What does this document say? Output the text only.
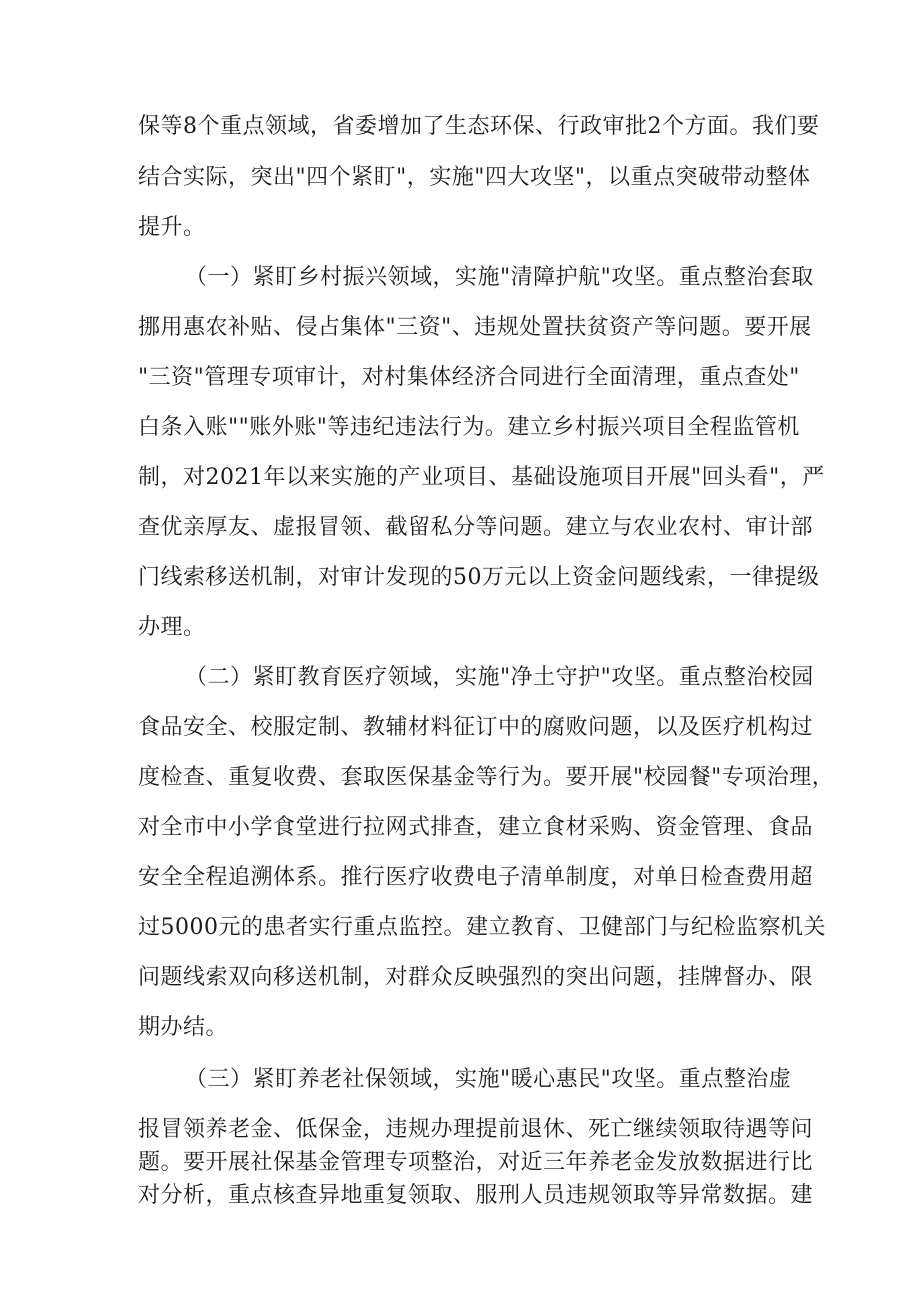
保等8个重点领域，省委增加了生态环保、行政审批2个方面。我们要

结合实际，突出"四个紧盯"，实施"四大攻坚"，以重点突破带动整体

提升。

（一）紧盯乡村振兴领域，实施"清障护航"攻坚。重点整治套取

挪用惠农补贴、侵占集体"三资"、违规处置扶贫资产等问题。要开展

"三资"管理专项审计，对村集体经济合同进行全面清理，重点查处"

白条入账""账外账"等违纪违法行为。建立乡村振兴项目全程监管机

制，对2021年以来实施的产业项目、基础设施项目开展"回头看"，严

查优亲厚友、虚报冒领、截留私分等问题。建立与农业农村、审计部

门线索移送机制，对审计发现的50万元以上资金问题线索，一律提级

办理。

（二）紧盯教育医疗领域，实施"净土守护"攻坚。重点整治校园

食品安全、校服定制、教辅材料征订中的腐败问题，以及医疗机构过

度检查、重复收费、套取医保基金等行为。要开展"校园餐"专项治理，

对全市中小学食堂进行拉网式排查，建立食材采购、资金管理、食品

安全全程追溯体系。推行医疗收费电子清单制度，对单日检查费用超

过5000元的患者实行重点监控。建立教育、卫健部门与纪检监察机关

问题线索双向移送机制，对群众反映强烈的突出问题，挂牌督办、限

期办结。

（三）紧盯养老社保领域，实施"暖心惠民"攻坚。重点整治虚

报冒领养老金、低保金，违规办理提前退休、死亡继续领取待遇等问

题。要开展社保基金管理专项整治，对近三年养老金发放数据进行比

对分析，重点核查异地重复领取、服刑人员违规领取等异常数据。建
